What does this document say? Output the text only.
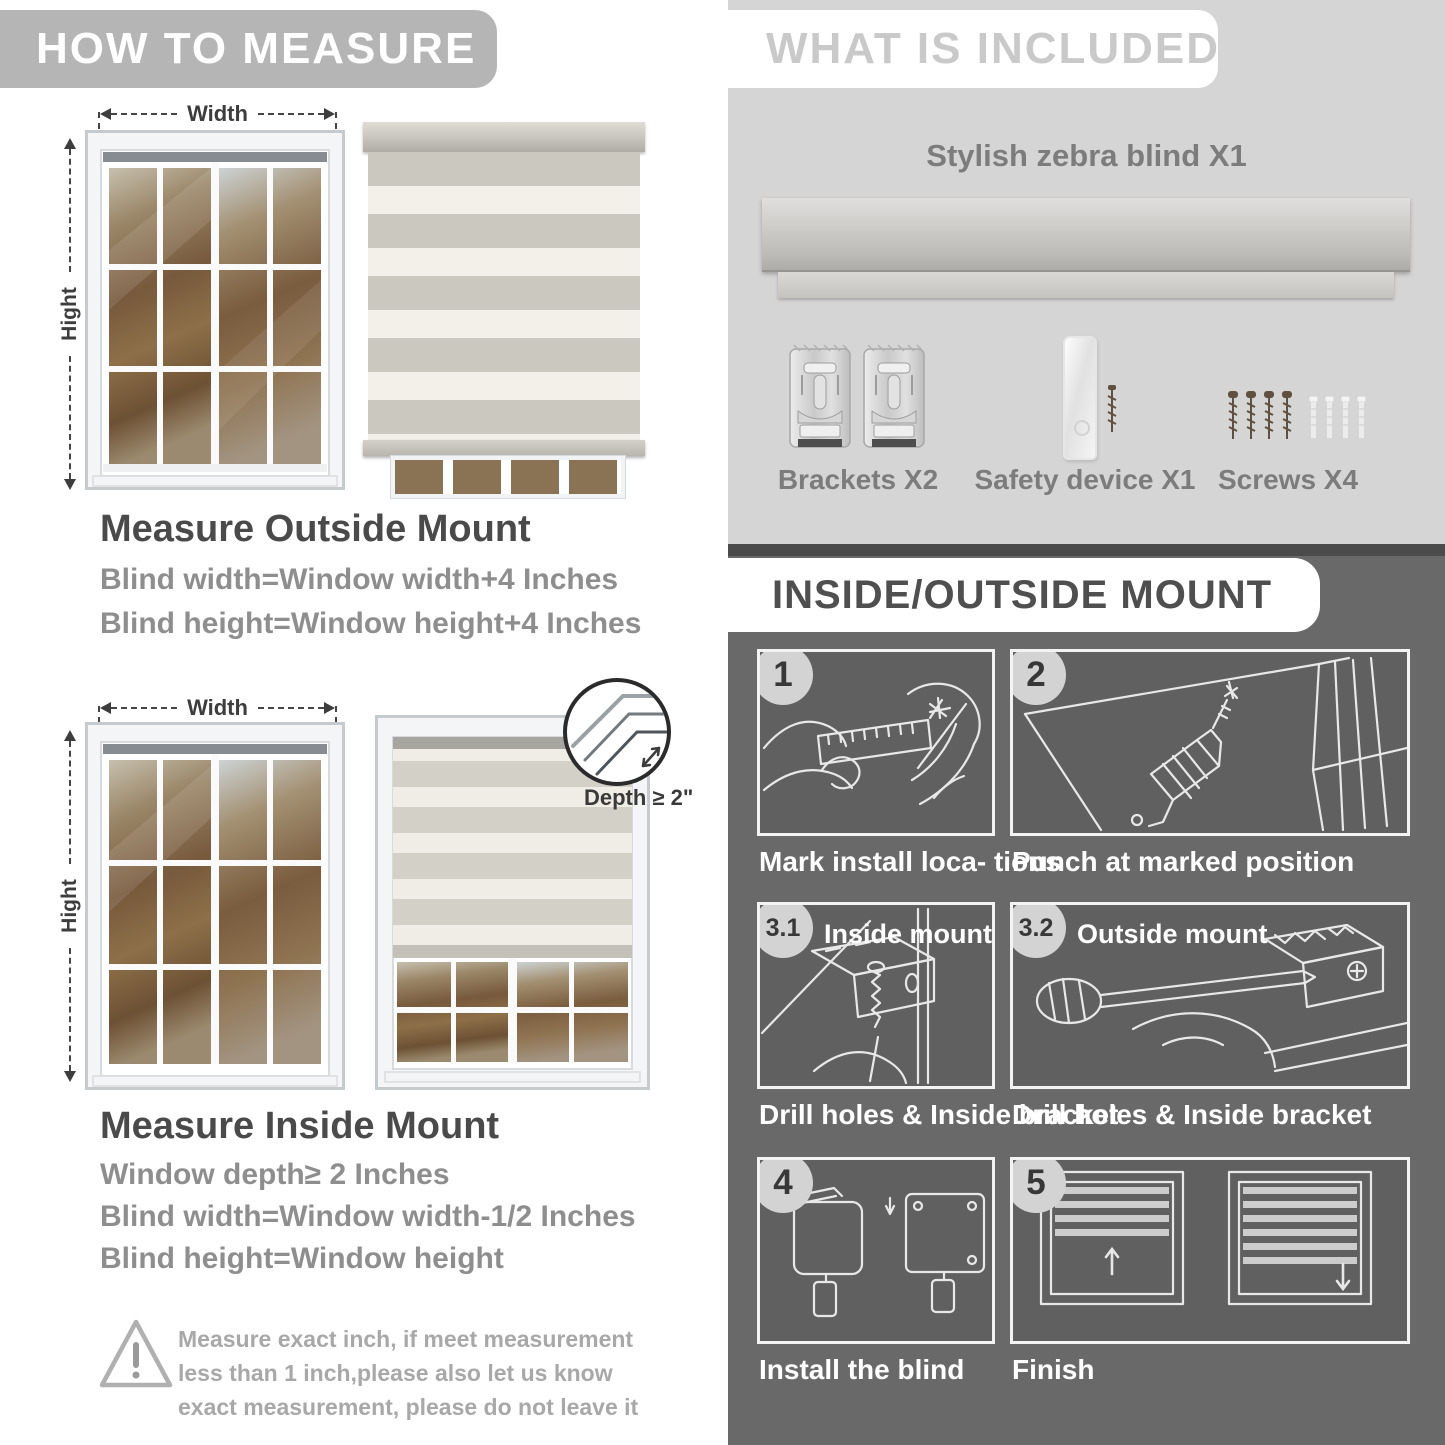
HOW TO MEASURE
Width
Hight
Measure Outside Mount
Blind width=Window width+4 Inches
Blind height=Window height+4 Inches
Width
Hight
Depth ≥ 2"
Measure Inside Mount
Window depth≥ 2 Inches
Blind width=Window width-1/2 Inches
Blind height=Window height
Measure exact inch, if meet measurement less than 1 inch,please also let us know exact measurement, please do not leave it
WHAT IS INCLUDED
Stylish zebra blind X1
Brackets X2 Safety device X1 Screws X4
INSIDE/OUTSIDE MOUNT
1
Mark install loca- tions
2
Punch at marked position
3.1 Inside mount
Drill holes & Inside bracket
3.2 Outside mount
Drill holes & Inside bracket
4
Install the blind
5
Finish
